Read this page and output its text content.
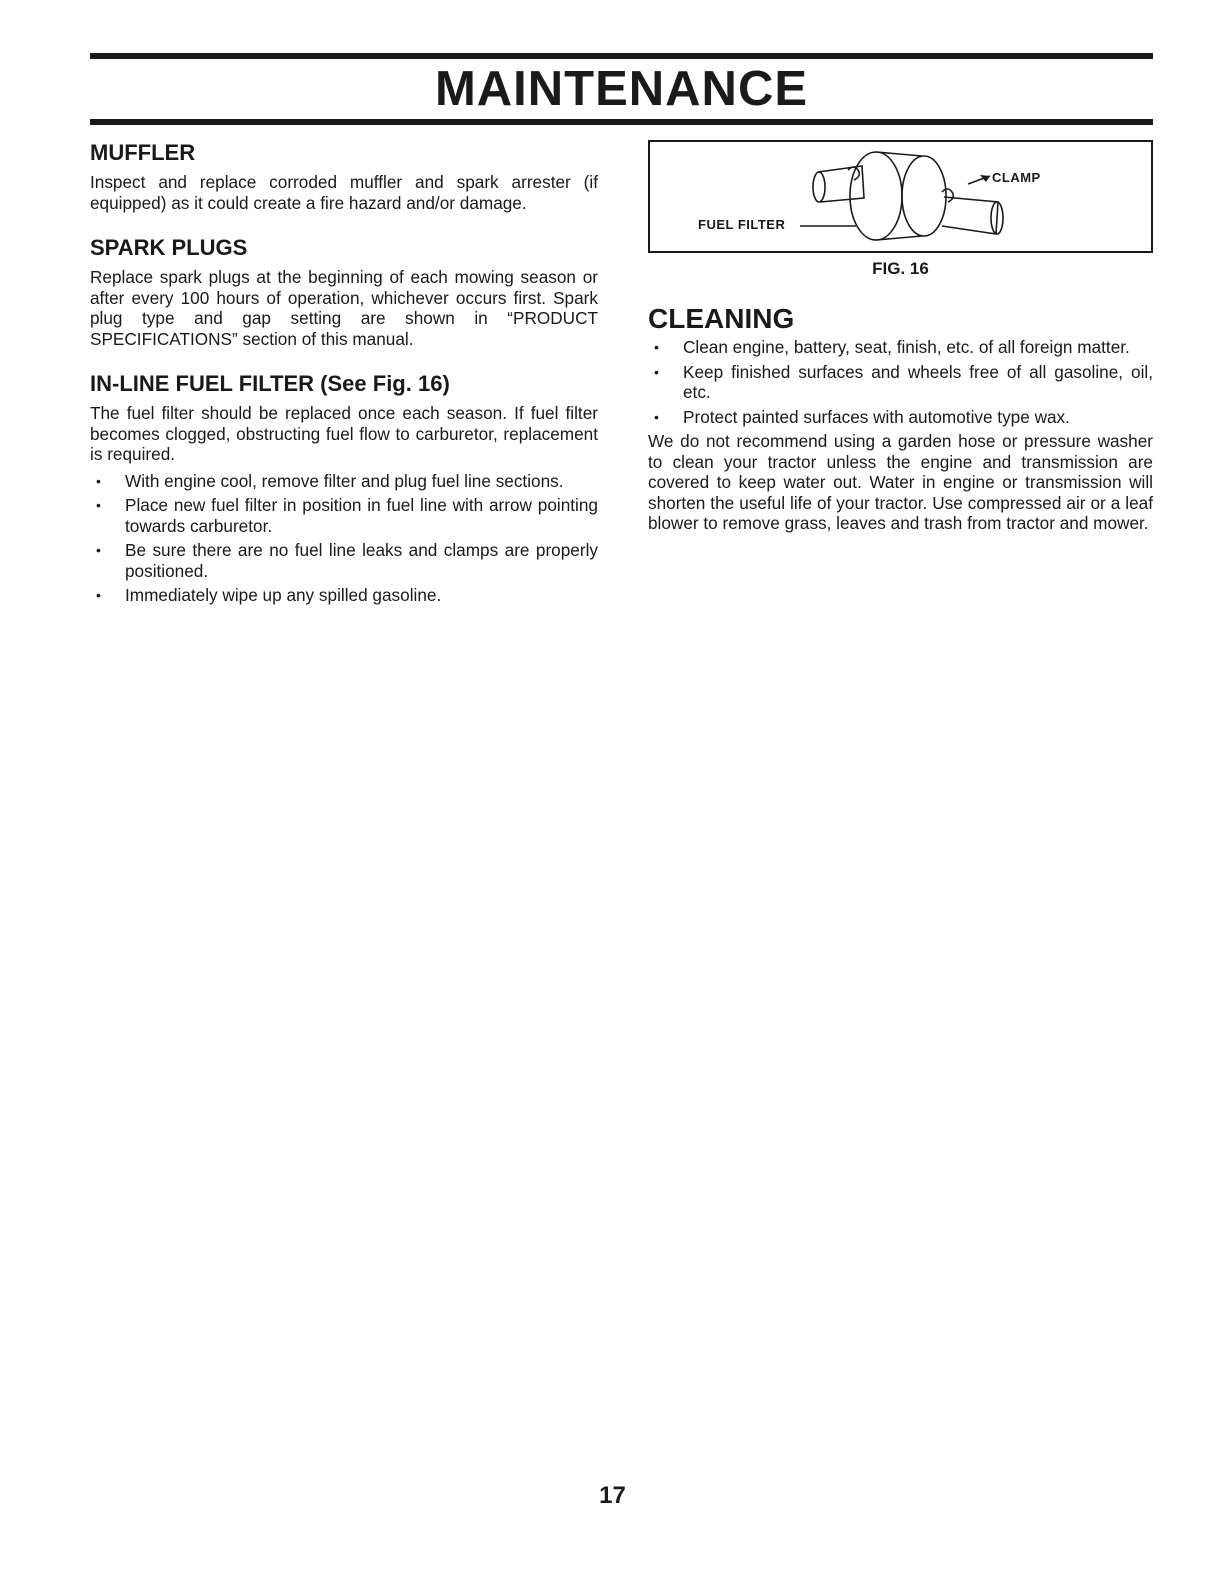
MAINTENANCE
MUFFLER

Inspect and replace corroded muffler and spark arrester (if equipped) as it could create a fire hazard and/or damage.

SPARK PLUGS

Replace spark plugs at the beginning of each mowing season or after every 100 hours of operation, whichever occurs first. Spark plug type and gap setting are shown in “PRODUCT SPECIFICATIONS” section of this manual.

IN-LINE FUEL FILTER (See Fig. 16)

The fuel filter should be replaced once each season. If fuel filter becomes clogged, obstructing fuel flow to carburetor, replacement is required.

• With engine cool, remove filter and plug fuel line sections.
• Place new fuel filter in position in fuel line with arrow pointing towards carburetor.
• Be sure there are no fuel line leaks and clamps are properly positioned.
• Immediately wipe up any spilled gasoline.
CLAMP
FUEL FILTER
FIG. 16
CLEANING
• Clean engine, battery, seat, finish, etc. of all foreign matter.
• Keep finished surfaces and wheels free of all gasoline, oil, etc.
• Protect painted surfaces with automotive type wax.

We do not recommend using a garden hose or pressure washer to clean your tractor unless the engine and transmission are covered to keep water out. Water in engine or transmission will shorten the useful life of your tractor. Use compressed air or a leaf blower to remove grass, leaves and trash from tractor and mower.

17
